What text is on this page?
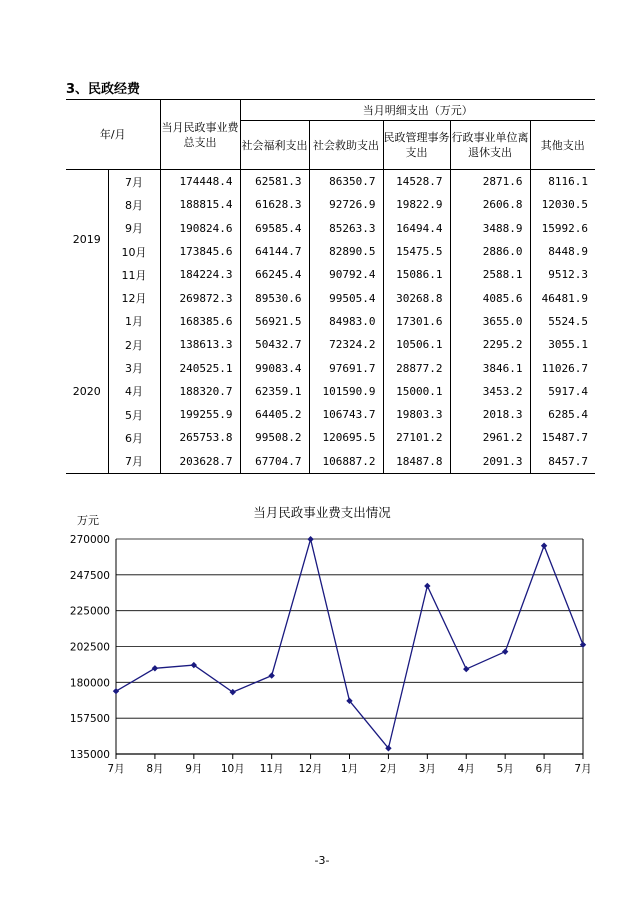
3、民政经费
年/月		当月民政事业费总支出	当月明细支出（万元）				
			社会福利支出	社会救助支出	民政管理事务支出	行政事业单位离退休支出	其他支出
2019	7月	174448.4	62581.3	86350.7	14528.7	2871.6	8116.1
	8月	188815.4	61628.3	92726.9	19822.9	2606.8	12030.5
	9月	190824.6	69585.4	85263.3	16494.4	3488.9	15992.6
	10月	173845.6	64144.7	82890.5	15475.5	2886.0	8448.9
	11月	184224.3	66245.4	90792.4	15086.1	2588.1	9512.3
	12月	269872.3	89530.6	99505.4	30268.8	4085.6	46481.9
2020	1月	168385.6	56921.5	84983.0	17301.6	3655.0	5524.5
	2月	138613.3	50432.7	72324.2	10506.1	2295.2	3055.1
	3月	240525.1	99083.4	97691.7	28877.2	3846.1	11026.7
	4月	188320.7	62359.1	101590.9	15000.1	3453.2	5917.4
	5月	199255.9	64405.2	106743.7	19803.3	2018.3	6285.4
	6月	265753.8	99508.2	120695.5	27101.2	2961.2	15487.7
	7月	203628.7	67704.7	106887.2	18487.8	2091.3	8457.7
当月民政事业费支出情况
万元
135000
157500
180000
202500
225000
247500
270000
7月 8月 9月 10月 11月 12月 1月 2月 3月 4月 5月 6月 7月
-3-
